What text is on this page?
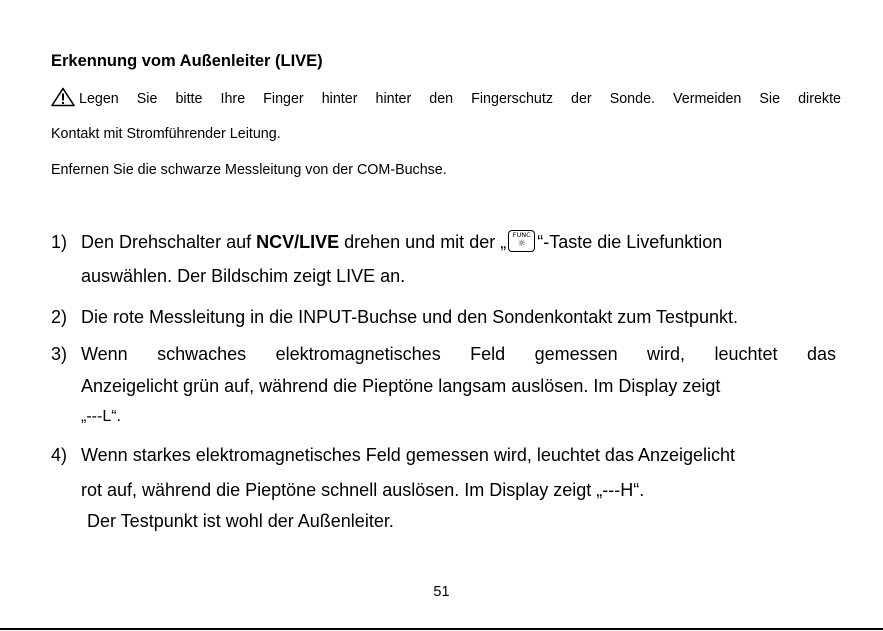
Erkennung vom Außenleiter (LIVE)
Legen Sie bitte Ihre Finger hinter hinter den Fingerschutz der Sonde. Vermeiden Sie direkte
Kontakt mit Stromführender Leitung.
Enfernen Sie die schwarze Messleitung von der COM-Buchse.
1) Den Drehschalter auf NCV/LIVE drehen und mit der „	FUNC
☼ “-Taste die Livefunktion
auswählen. Der Bildschim zeigt LIVE an.
2) Die rote Messleitung in die INPUT-Buchse und den Sondenkontakt zum Testpunkt.
3) Wenn schwaches elektromagnetisches Feld gemessen wird, leuchtet das
Anzeigelicht grün auf, während die Pieptöne langsam auslösen. Im Display zeigt
„---L“.
4) Wenn starkes elektromagnetisches Feld gemessen wird, leuchtet das Anzeigelicht
rot auf, während die Pieptöne schnell auslösen. Im Display zeigt „---H“.
Der Testpunkt ist wohl der Außenleiter.
51
